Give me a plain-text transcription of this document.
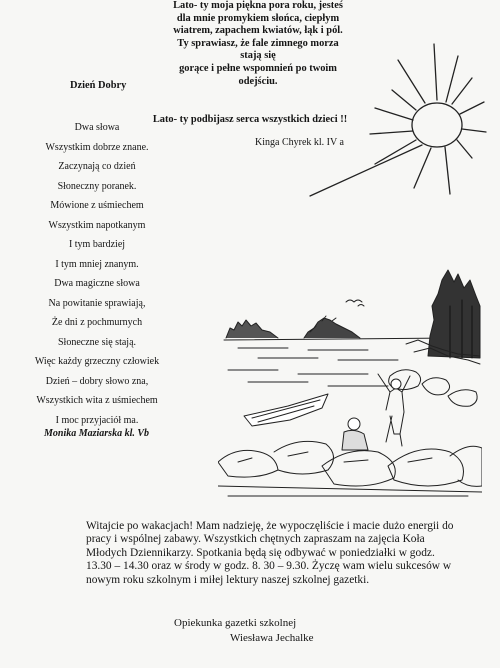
Lato- ty moja piękna pora roku, jesteś
dla mnie promykiem słońca, ciepłym
wiatrem, zapachem kwiatów, łąk i pól.
Ty sprawiasz, że fale zimnego morza
stają się
gorące i pełne wspomnień po twoim
odejściu.
Dzień Dobry
Lato- ty podbijasz serca wszystkich dzieci !!
Kinga Chyrek kl. IV a
Dwa słowa
Wszystkim dobrze znane.
Zaczynają co dzień
Słoneczny poranek.
Mówione z uśmiechem
Wszystkim napotkanym
I tym bardziej
I tym mniej znanym.
Dwa magiczne słowa
Na powitanie sprawiają,
Że dni z pochmurnych
Słoneczne się stają.
Więc każdy grzeczny człowiek
Dzień – dobry słowo zna,
Wszystkich wita z uśmiechem
I moc przyjaciół ma.
Monika Maziarska kl. Vb
Witajcie po wakacjach! Mam nadzieję, że wypoczęliście i macie dużo energii do
pracy i wspólnej zabawy. Wszystkich chętnych zapraszam na zajęcia Koła
Młodych Dziennikarzy. Spotkania będą się odbywać w poniedziałki w godz.
13.30 – 14.30 oraz w środy w godz. 8. 30 – 9.30. Życzę wam wielu sukcesów w
nowym roku szkolnym i miłej lektury naszej szkolnej gazetki.
Opiekunka gazetki szkolnej
Wiesława Jechalke
